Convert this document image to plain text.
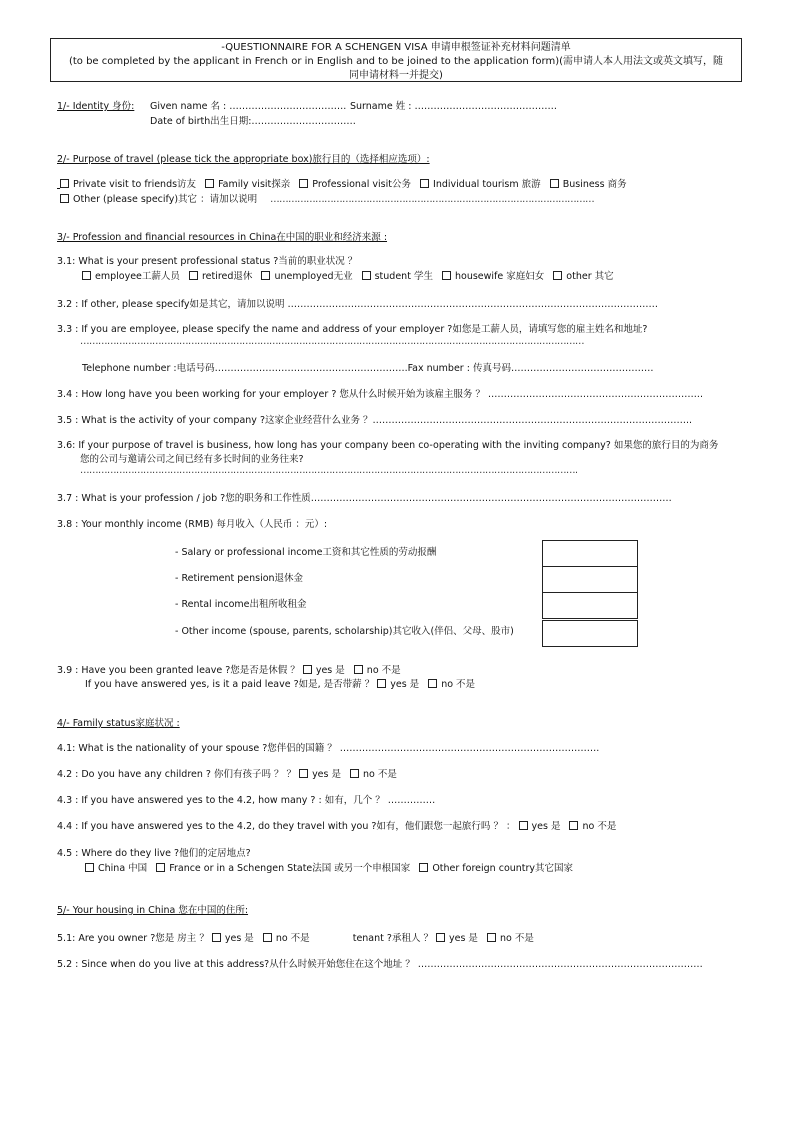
-QUESTIONNAIRE FOR A SCHENGEN VISA 申请申根签证补充材料问题清单
(to be completed by the applicant in French or in English and to be joined to the application form)(需申请人本人用法文或英文填写，随
同申请材料一并提交)
1/- Identity 身份: Given name 名 : ………………………………. Surname 姓 : ………………………………………
Date of birth出生日期:……………………………
2/- Purpose of travel (please tick the appropriate box)旅行目的（选择相应选项）:
Private visit to friends访友 Family visit探亲 Professional visit公务 Individual tourism 旅游 Business 商务
Other (please specify)其它 ：请加以说明 ………………………………………………………………………………………………
3/- Profession and financial resources in China在中国的职业和经济来源 :
3.1: What is your present professional status ?当前的职业状况 ？
employee工薪人员 retired退休 unemployed无业 student 学生 housewife 家庭妇女 other 其它
3.2 : If other, please specify如是其它，请加以说明 ………………………………………………………………………………………………………
3.3 : If you are employee, please specify the name and address of your employer ?如您是工薪人员，请填写您的雇主姓名和地址?
……………………………………………………………………………………………………………………………………………………
Telephone number :电话号码…………………………………………………….Fax number : 传真号码………………………………………
3.4 : How long have you been working for your employer ? 您从什么时候开始为该雇主服务 ？ …………………………………………………………..
3.5 : What is the activity of your company ?这家企业经营什么业务 ？………………………………………………………………………………………..
3.6: If your purpose of travel is business, how long has your company been co-operating with the inviting company? 如果您的旅行目的为商务
您的公司与邀请公司之间已经有多长时间的业务往来?
………………………………………………………………………………………………………………………………………………….
3.7 : What is your profession / job ?您的职务和工作性质……………………………………………………………………………………………………
3.8 : Your monthly income (RMB) 每月收入（人民币 ：元）:
- Salary or professional income工资和其它性质的劳动报酬
- Retirement pension退休金
- Rental income出租所收租金
- Other income (spouse, parents, scholarship)其它收入(伴侣、父母、股市)
3.9 : Have you been granted leave ?您是否是休假 ？ yes 是 no 不是
If you have answered yes, is it a paid leave ?如是, 是否带薪 ？ yes 是 no 不是
4/- Family status家庭状况 :
4.1: What is the nationality of your spouse ?您伴侣的国籍 ？ ……………………………………………………………………….
4.2 : Do you have any children ? 你们有孩子吗 ？ ？ yes 是 no 不是
4.3 : If you have answered yes to the 4.2, how many ? : 如有，几个 ？ ……………
4.4 : If you have answered yes to the 4.2, do they travel with you ?如有，他们跟您一起旅行吗 ？ ： yes 是 no 不是
4.5 : Where do they live ?他们的定居地点?
China 中国 France or in a Schengen State法国 或另一个申根国家 Other foreign country其它国家
5/- Your housing in China 您在中国的住所:
5.1: Are you owner ?您是 房主 ？ yes 是 no 不是	tenant ?承租人 ？ yes 是 no 不是
5.2 : Since when do you live at this address?从什么时候开始您住在这个地址 ？ ………………………………………………………………………………
